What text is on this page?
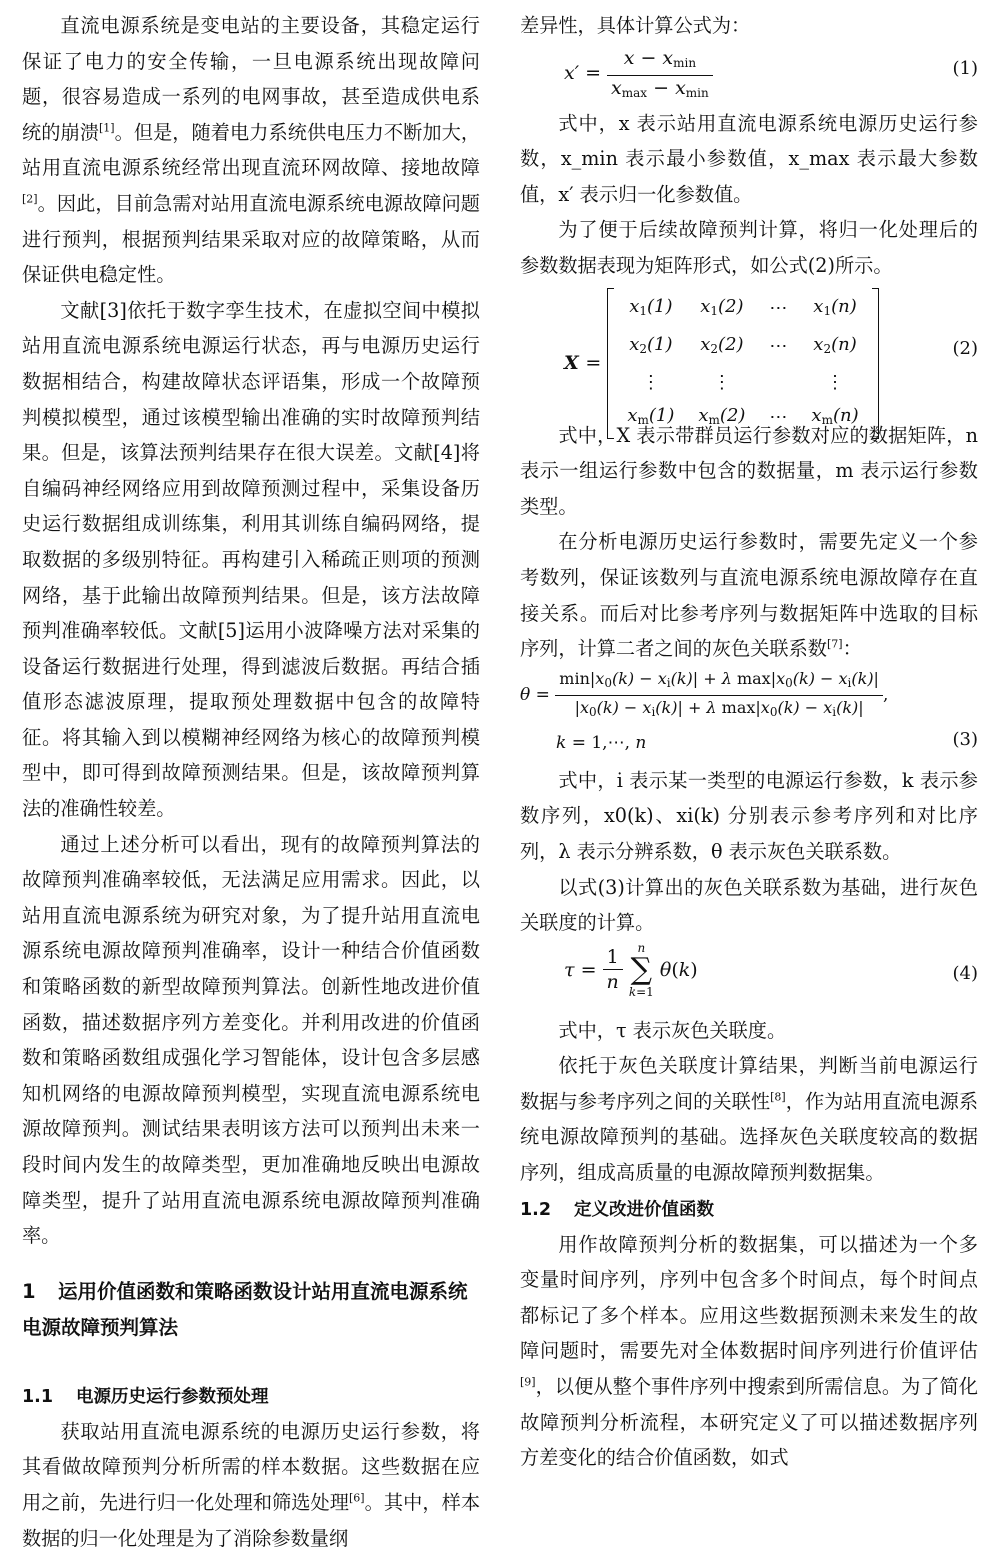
直流电源系统是变电站的主要设备，其稳定运行保证了电力的安全传输，一旦电源系统出现故障问题，很容易造成一系列的电网事故，甚至造成供电系统的崩溃[1]。但是，随着电力系统供电压力不断加大，站用直流电源系统经常出现直流环网故障、接地故障[2]。因此，目前急需对站用直流电源系统电源故障问题进行预判，根据预判结果采取对应的故障策略，从而保证供电稳定性。

文献[3]依托于数字孪生技术，在虚拟空间中模拟站用直流电源系统电源运行状态，再与电源历史运行数据相结合，构建故障状态评语集，形成一个故障预判模拟模型，通过该模型输出准确的实时故障预判结果。但是，该算法预判结果存在很大误差。文献[4]将自编码神经网络应用到故障预测过程中，采集设备历史运行数据组成训练集，利用其训练自编码网络，提取数据的多级别特征。再构建引入稀疏正则项的预测网络，基于此输出故障预判结果。但是，该方法故障预判准确率较低。文献[5]运用小波降噪方法对采集的设备运行数据进行处理，得到滤波后数据。再结合插值形态滤波原理，提取预处理数据中包含的故障特征。将其输入到以模糊神经网络为核心的故障预判模型中，即可得到故障预测结果。但是，该故障预判算法的准确性较差。

通过上述分析可以看出，现有的故障预判算法的故障预判准确率较低，无法满足应用需求。因此，以站用直流电源系统为研究对象，为了提升站用直流电源系统电源故障预判准确率，设计一种结合价值函数和策略函数的新型故障预判算法。创新性地改进价值函数，描述数据序列方差变化。并利用改进的价值函数和策略函数组成强化学习智能体，设计包含多层感知机网络的电源故障预判模型，实现直流电源系统电源故障预判。测试结果表明该方法可以预判出未来一段时间内发生的故障类型，更加准确地反映出电源故障类型，提升了站用直流电源系统电源故障预判准确率。

1 运用价值函数和策略函数设计站用直流电源系统电源故障预判算法
1.1 电源历史运行参数预处理

获取站用直流电源系统的电源历史运行参数，将其看做故障预判分析所需的样本数据。这些数据在应用之前，先进行归一化处理和筛选处理[6]。其中，样本数据的归一化处理是为了消除参数量纲

差异性，具体计算公式为：

$x' = \frac{x - x_{min}}{x_{max} - x_{min}}$	(1)

式中，x 表示站用直流电源系统电源历史运行参数，x_min 表示最小参数值，x_max 表示最大参数值，x′ 表示归一化参数值。

为了便于后续故障预判计算，将归一化处理后的参数数据表现为矩阵形式，如公式(2)所示。

X =
$x_1(1)$	$x_1(2)$	⋯	$x_1(n)$
$x_2(1)$	$x_2(2)$	⋯	$x_2(n)$
⋮	⋮		⋮
$x_m(1)$	$x_m(2)$	⋯	$x_m(n)$
(2)

式中，X 表示带群员运行参数对应的数据矩阵，n 表示一组运行参数中包含的数据量，m 表示运行参数类型。

在分析电源历史运行参数时，需要先定义一个参考数列，保证该数列与直流电源系统电源故障存在直接关系。而后对比参考序列与数据矩阵中选取的目标序列，计算二者之间的灰色关联系数[7]：

$\theta = \frac{\min|x_0(k) - x_i(k)| + \lambda \max|x_0(k) - x_i(k)|}{|x_0(k) - x_i(k)| + \lambda \max|x_0(k) - x_i(k)|}$ ,
k = 1,⋯, n	(3)

式中，i 表示某一类型的电源运行参数，k 表示参数序列，x0(k)、xi(k) 分别表示参考序列和对比序列，λ 表示分辨系数，θ 表示灰色关联系数。

以式(3)计算出的灰色关联系数为基础，进行灰色关联度的计算。

$\tau = \frac{1}{n}$
	n
∑
k=1
θ(k)	(4)

式中，τ 表示灰色关联度。

依托于灰色关联度计算结果，判断当前电源运行数据与参考序列之间的关联性[8]，作为站用直流电源系统电源故障预判的基础。选择灰色关联度较高的数据序列，组成高质量的电源故障预判数据集。

1.2 定义改进价值函数

用作故障预判分析的数据集，可以描述为一个多变量时间序列，序列中包含多个时间点，每个时间点都标记了多个样本。应用这些数据预测未来发生的故障问题时，需要先对全体数据时间序列进行价值评估[9]，以便从整个事件序列中搜索到所需信息。为了简化故障预判分析流程，本研究定义了可以描述数据序列方差变化的结合价值函数，如式
